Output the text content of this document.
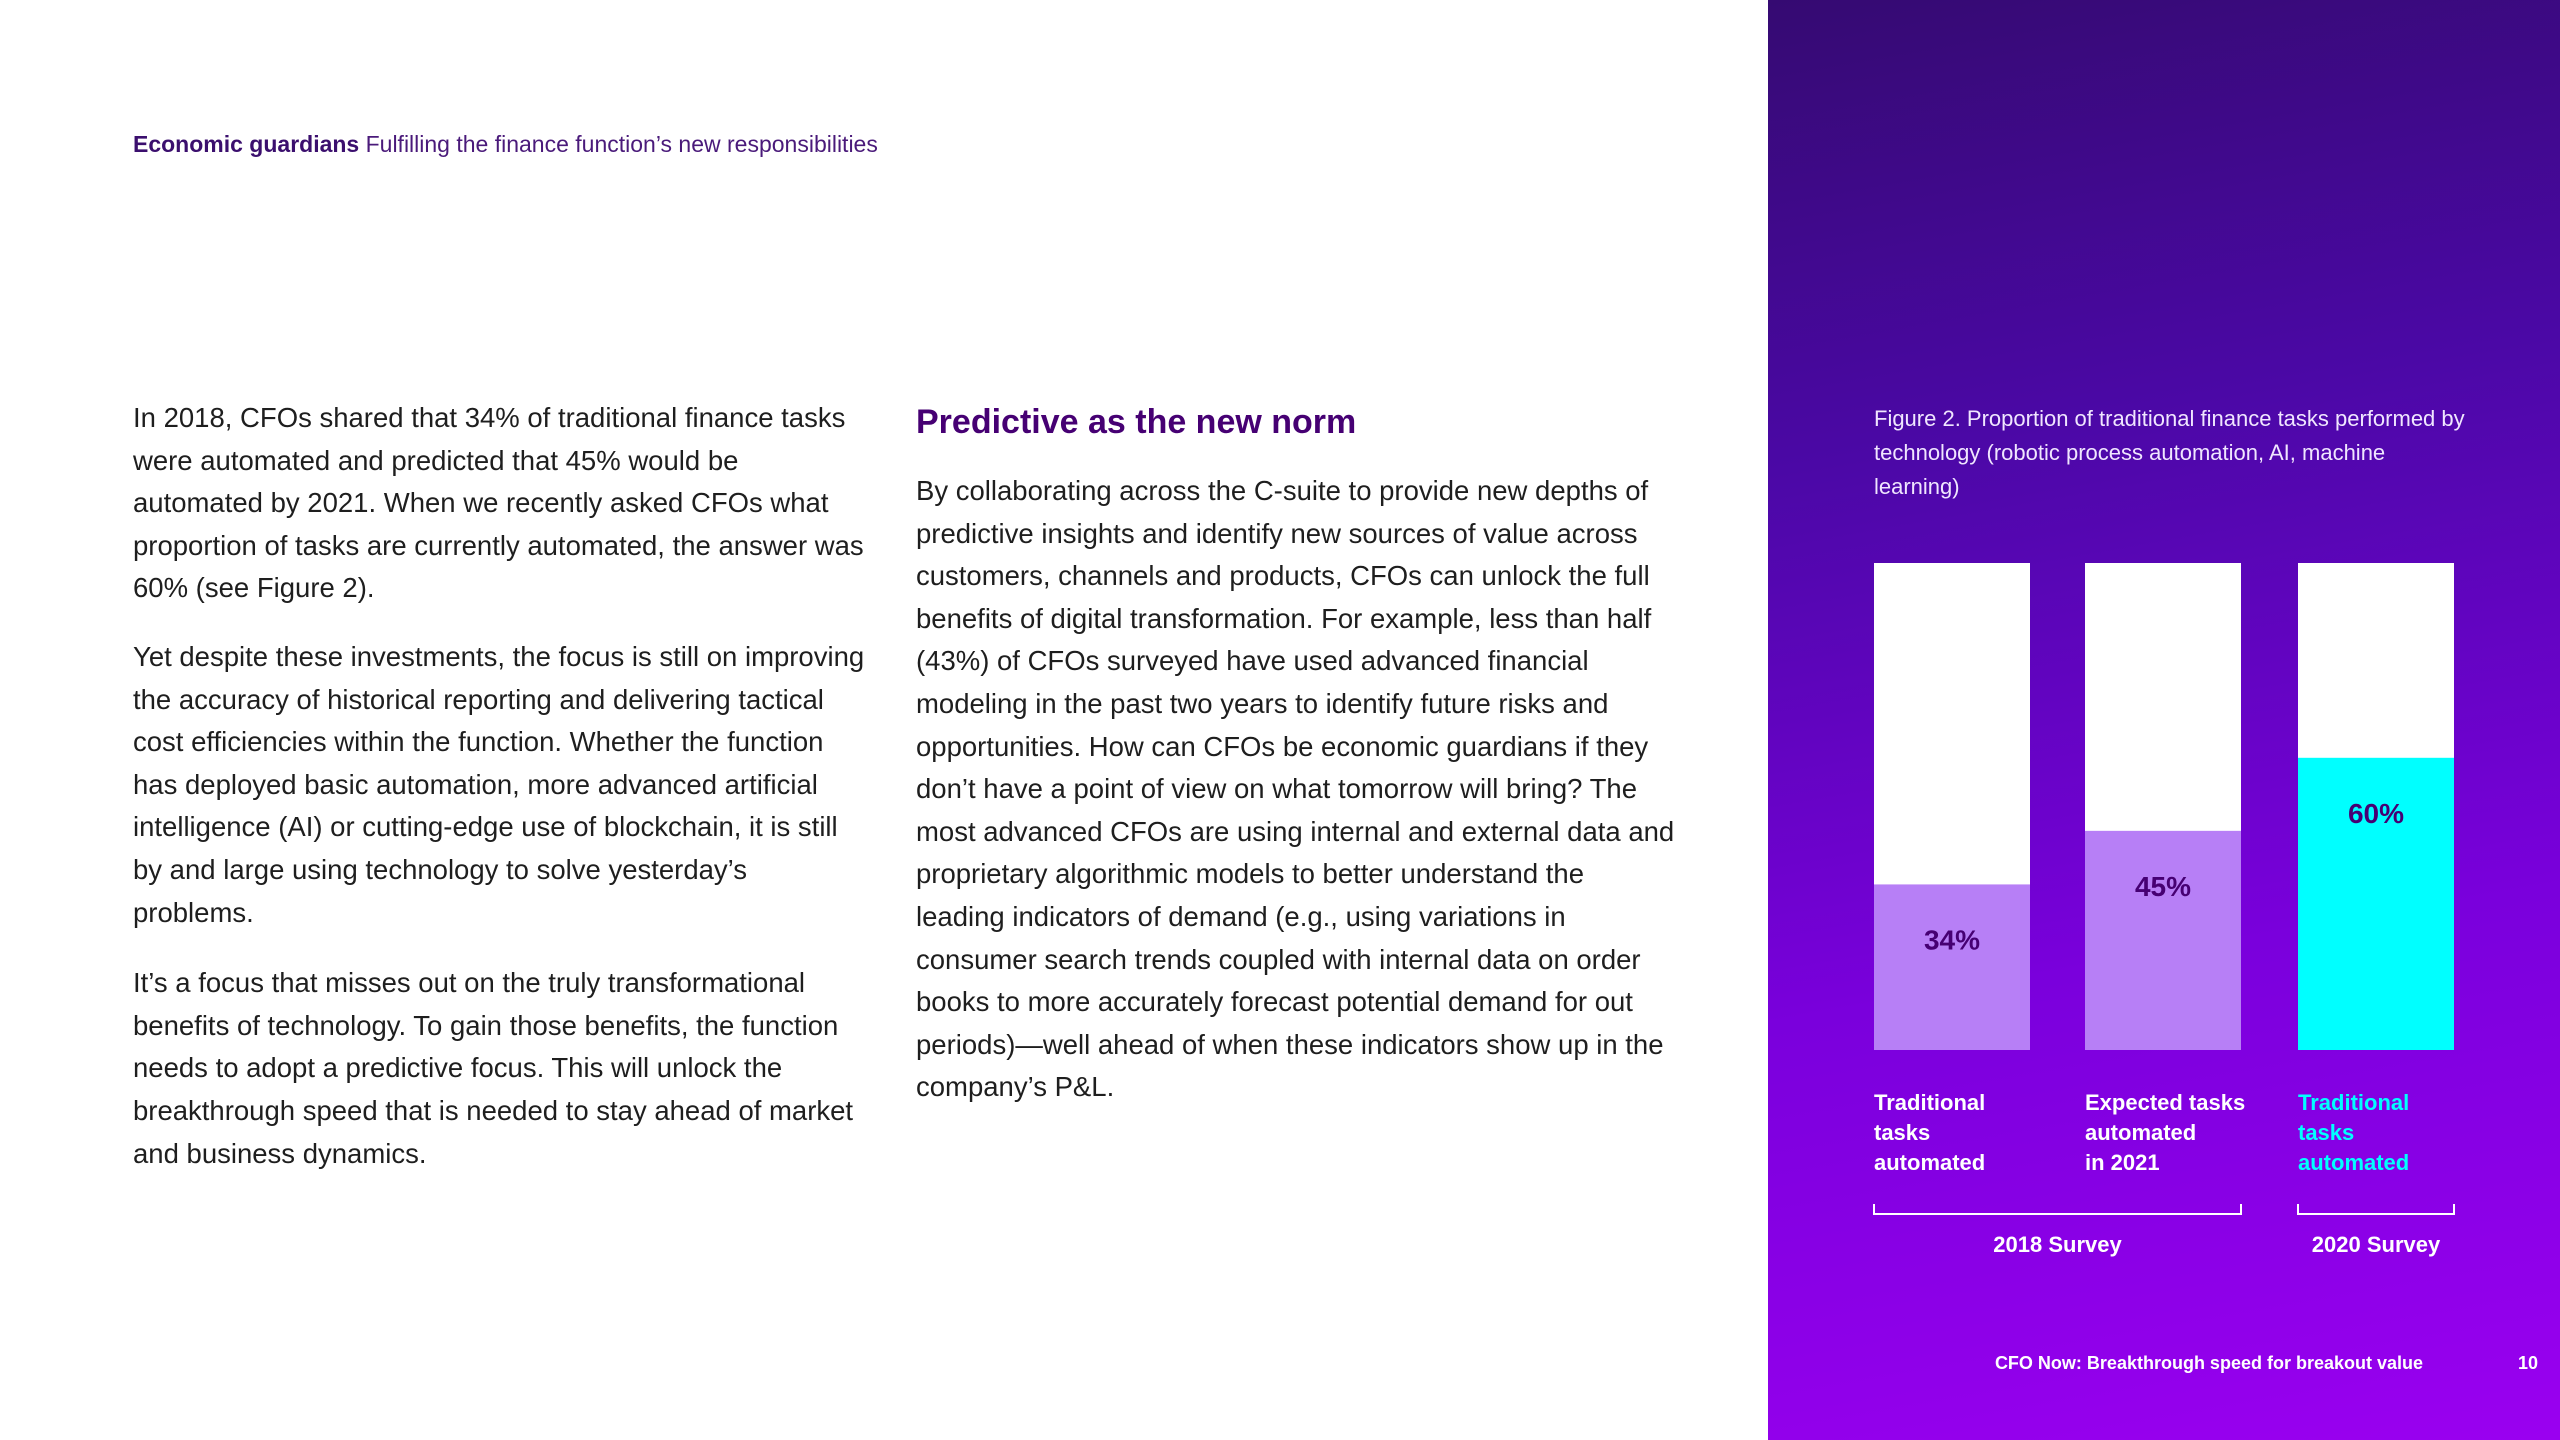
Economic guardians Fulfilling the finance function’s new responsibilities

In 2018, CFOs shared that 34% of traditional finance tasks were automated and predicted that 45% would be automated by 2021. When we recently asked CFOs what proportion of tasks are currently automated, the answer was 60% (see Figure 2).

Yet despite these investments, the focus is still on improving the accuracy of historical reporting and delivering tactical cost efficiencies within the function. Whether the function has deployed basic automation, more advanced artificial intelligence (AI) or cutting-edge use of blockchain, it is still by and large using technology to solve yesterday’s problems.

It’s a focus that misses out on the truly transformational benefits of technology. To gain those benefits, the function needs to adopt a predictive focus. This will unlock the breakthrough speed that is needed to stay ahead of market and business dynamics.

Predictive as the new norm

By collaborating across the C-suite to provide new depths of predictive insights and identify new sources of value across customers, channels and products, CFOs can unlock the full benefits of digital transformation. For example, less than half (43%) of CFOs surveyed have used advanced financial modeling in the past two years to identify future risks and opportunities. How can CFOs be economic guardians if they don’t have a point of view on what tomorrow will bring? The most advanced CFOs are using internal and external data and proprietary algorithmic models to better understand the leading indicators of demand (e.g., using variations in consumer search trends coupled with internal data on order books to more accurately forecast potential demand for out periods)—well ahead of when these indicators show up in the company’s P&L.

Figure 2. Proportion of traditional finance tasks performed by technology (robotic process automation, AI, machine learning)
34%
Traditional
tasks
automated
45%
Expected tasks
automated
in 2021
60%
Traditional
tasks
automated
2018 Survey	2020 Survey
CFO Now: Breakthrough speed for breakout value	10
